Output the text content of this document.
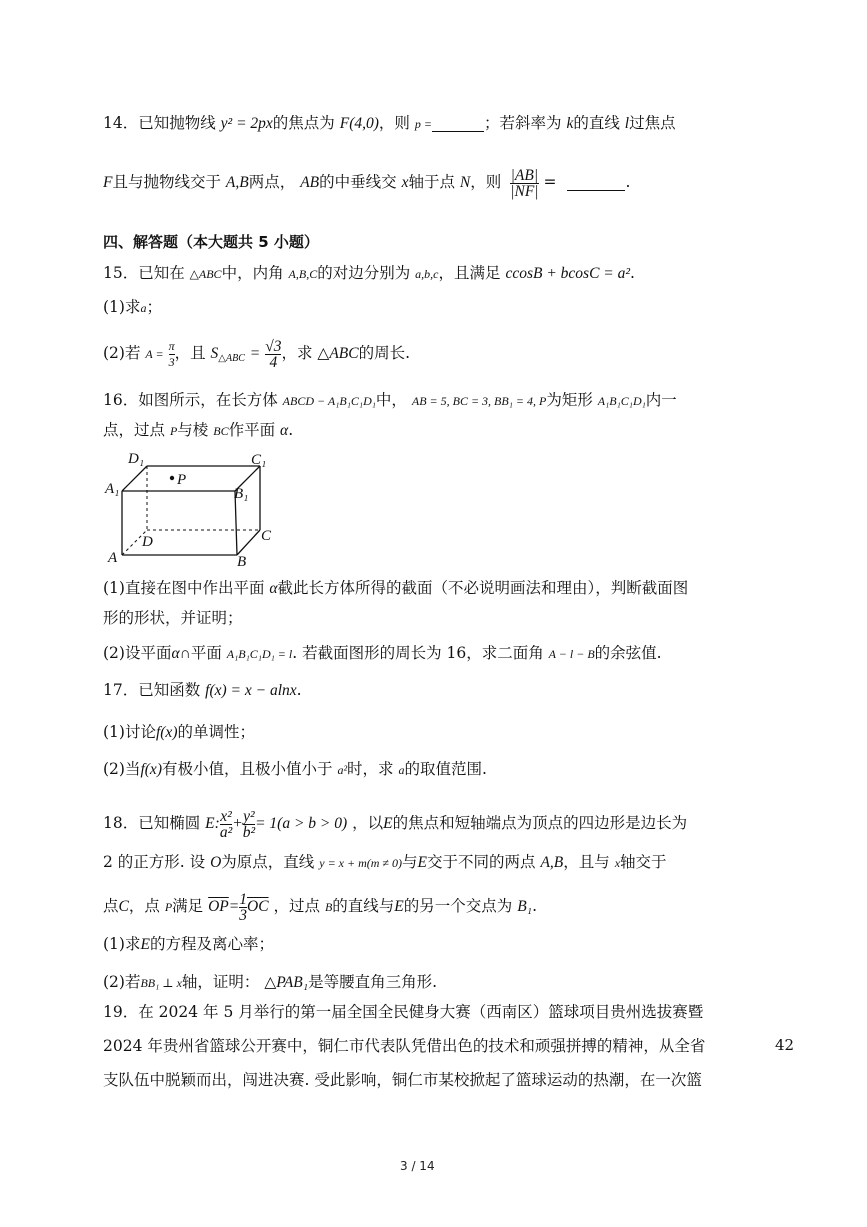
14．已知抛物线 y² = 2px的焦点为 F(4,0)，则 p =	；若斜率为 k的直线 l过焦点
F且与抛物线交于 A,B两点， AB的中垂线交 x轴于点 N，则 $\frac{|AB|}{|NF|}$ =	.
四、解答题（本大题共 5 小题）
15．已知在 △ABC中，内角 A,B,C的对边分别为 a,b,c，且满足 ccosB + bcosC = a².
(1)求a；
(2)若 $A = \frac{\pi}{3}$ ，且 $S_{\triangle ABC} = \frac{√3}{4}$ ，求 △ABC的周长.
16．如图所示，在长方体 ABCD − A₁B₁C₁D₁中， AB = 5, BC = 3, BB₁ = 4, P为矩形 A₁B₁C₁D₁内一
点，过点 P与棱 BC作平面 α.
D₁	C₁
P
A₁	B₁
D	C
A	B
(1)直接在图中作出平面 α截此长方体所得的截面（不必说明画法和理由），判断截面图
形的形状，并证明；
(2)设平面α∩平面 A₁B₁C₁D₁ = l. 若截面图形的周长为 16，求二面角 A − l − B的余弦值.
17．已知函数 f(x) = x − alnx.
(1)讨论f(x)的单调性；
(2)当f(x)有极小值，且极小值小于 a²时，求 a的取值范围.
18．已知椭圆 E: $\frac{\text{x²}}{\text{a²}} + \frac{\text{y²}}{\text{b²}} = 1(a > b > 0)$ ，以E的焦点和短轴端点为顶点的四边形是边长为
2 的正方形. 设 O为原点，直线 y = x + m(m ≠ 0)与E交于不同的两点 A,B，且与 x轴交于
点C，点 P满足 $\overline{OP}= \frac{1}{3} \overline{OC}$ ，过点 B的直线与E的另一个交点为 B₁.
(1)求E的方程及离心率；
(2)若BB₁ ⊥ x轴，证明： △PAB₁是等腰直角三角形.
19．在 2024 年 5 月举行的第一届全国全民健身大赛（西南区）篮球项目贵州选拔赛暨
2024 年贵州省篮球公开赛中，铜仁市代表队凭借出色的技术和顽强拼搏的精神，从全省	42
支队伍中脱颖而出，闯进决赛. 受此影响，铜仁市某校掀起了篮球运动的热潮，在一次篮
3 / 14
